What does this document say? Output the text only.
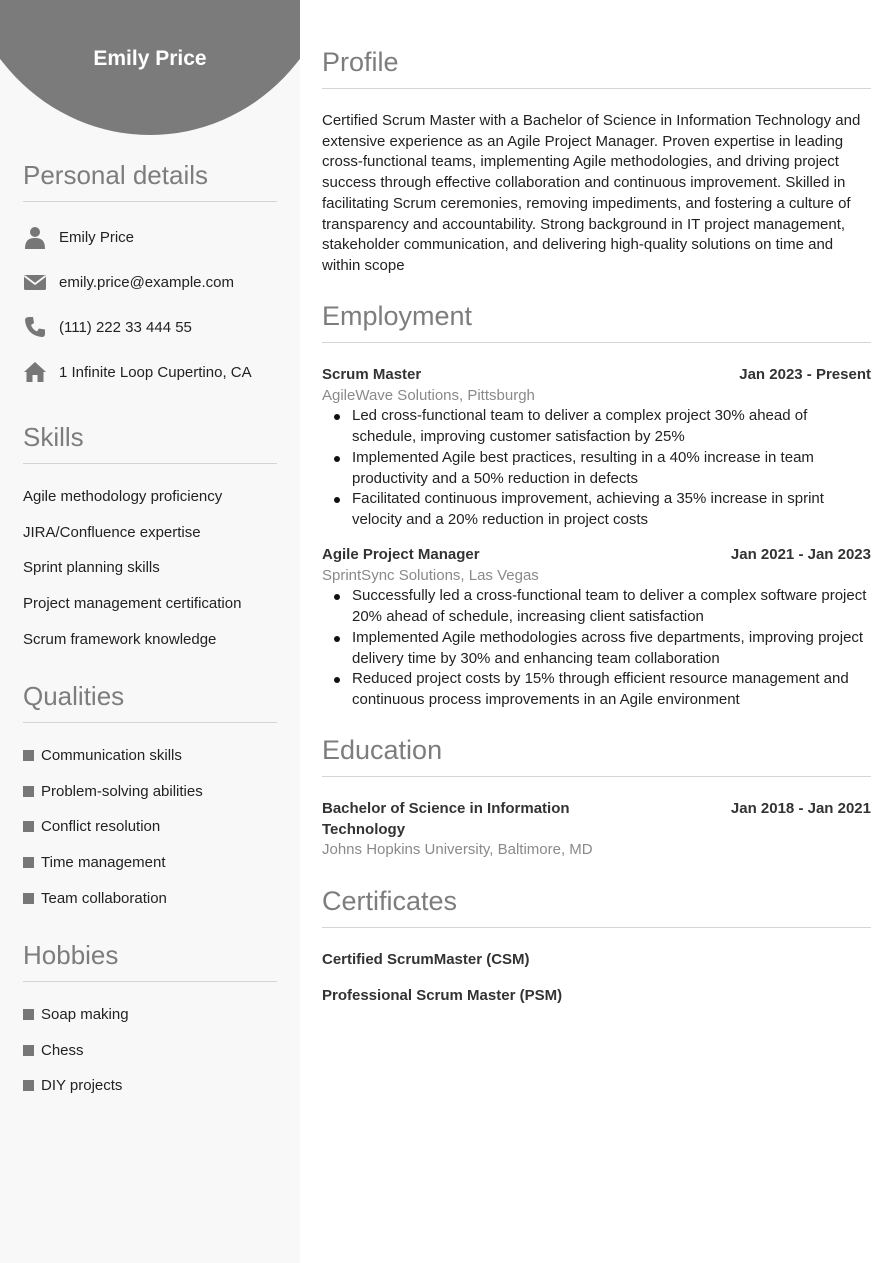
Emily Price
Personal details
Emily Price
emily.price@example.com
(111) 222 33 444 55
1 Infinite Loop Cupertino, CA
Skills
Agile methodology proficiency
JIRA/Confluence expertise
Sprint planning skills
Project management certification
Scrum framework knowledge
Qualities
Communication skills
Problem-solving abilities
Conflict resolution
Time management
Team collaboration
Hobbies
Soap making
Chess
DIY projects
Profile
Certified Scrum Master with a Bachelor of Science in Information Technology and extensive experience as an Agile Project Manager. Proven expertise in leading cross-functional teams, implementing Agile methodologies, and driving project success through effective collaboration and continuous improvement. Skilled in facilitating Scrum ceremonies, removing impediments, and fostering a culture of transparency and accountability. Strong background in IT project management, stakeholder communication, and delivering high-quality solutions on time and within scope
Employment
Scrum Master	Jan 2023 - Present
AgileWave Solutions, Pittsburgh
Led cross-functional team to deliver a complex project 30% ahead of schedule, improving customer satisfaction by 25%
Implemented Agile best practices, resulting in a 40% increase in team productivity and a 50% reduction in defects
Facilitated continuous improvement, achieving a 35% increase in sprint velocity and a 20% reduction in project costs
Agile Project Manager	Jan 2021 - Jan 2023
SprintSync Solutions, Las Vegas
Successfully led a cross-functional team to deliver a complex software project 20% ahead of schedule, increasing client satisfaction
Implemented Agile methodologies across five departments, improving project delivery time by 30% and enhancing team collaboration
Reduced project costs by 15% through efficient resource management and continuous process improvements in an Agile environment
Education
Bachelor of Science in Information Technology
Jan 2018 - Jan 2021
Johns Hopkins University, Baltimore, MD
Certificates
Certified ScrumMaster (CSM)
Professional Scrum Master (PSM)
